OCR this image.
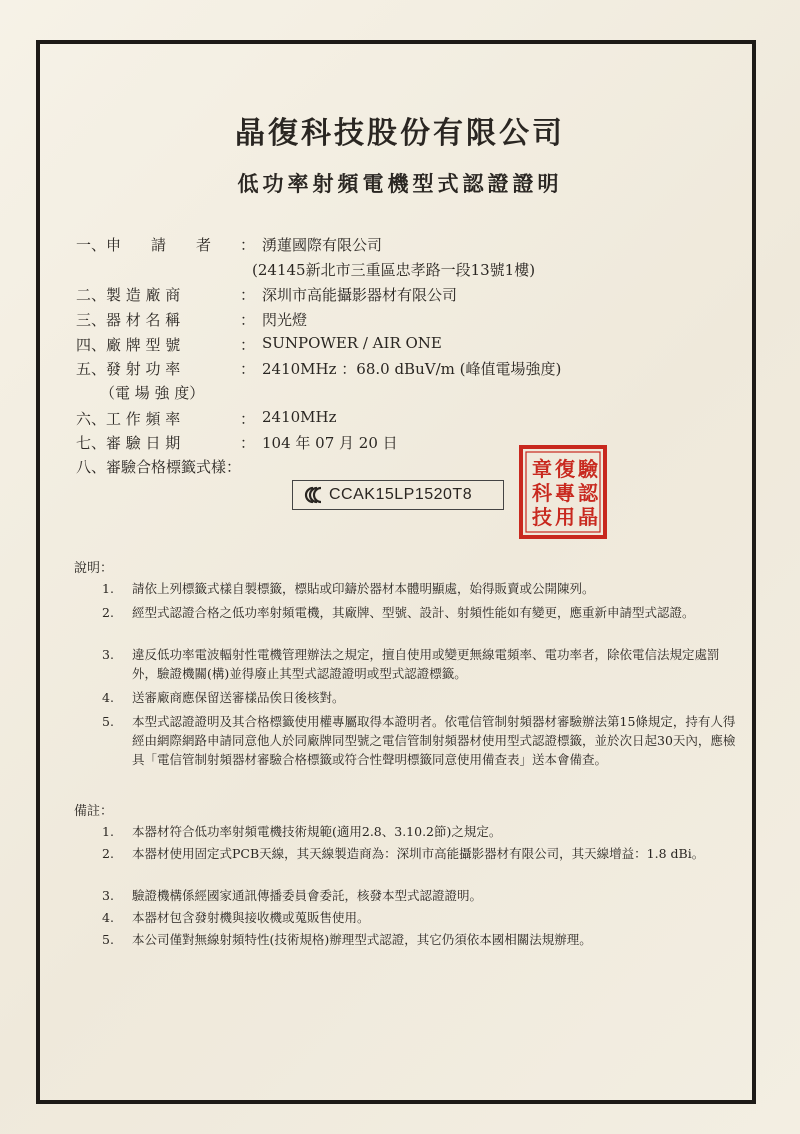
晶復科技股份有限公司
低功率射頻電機型式認證證明
一、申　　請　　者 ： 湧蓮國際有限公司
(24145新北市三重區忠孝路一段13號1樓)
二、製 造 廠 商	： 深圳市高能攝影器材有限公司
三、器 材 名 稱	： 閃光燈
四、廠 牌 型 號	： SUNPOWER / AIR ONE
五、發 射 功 率	： 2410MHz ：68.0 dBuV/m (峰值電場強度)
（電 場 強 度）
六、工 作 頻 率	： 2410MHz
七、審 驗 日 期	： 104 年 07 月 20 日
八、審驗合格標籤式樣：
CCAK15LP1520T8
驗
認
晶
復
專
用
章
科
技
說明：
1. 請依上列標籤式樣自製標籤，標貼或印鑄於器材本體明顯處，始得販賣或公開陳列。
2. 經型式認證合格之低功率射頻電機，其廠牌、型號、設計、射頻性能如有變更，應重新申請型式認證。
3. 違反低功率電波輻射性電機管理辦法之規定，擅自使用或變更無線電頻率、電功率者，除依電信法規定處罰外，驗證機關(構)並得廢止其型式認證證明或型式認證標籤。
4. 送審廠商應保留送審樣品俟日後核對。
5. 本型式認證證明及其合格標籤使用權專屬取得本證明者。依電信管制射頻器材審驗辦法第15條規定，持有人得經由網際網路申請同意他人於同廠牌同型號之電信管制射頻器材使用型式認證標籤，並於次日起30天內，應檢具「電信管制射頻器材審驗合格標籤或符合性聲明標籤同意使用備查表」送本會備查。
備註：
1. 本器材符合低功率射頻電機技術規範(適用2.8、3.10.2節)之規定。
2. 本器材使用固定式PCB天線，其天線製造商為：深圳市高能攝影器材有限公司，其天線增益：1.8 dBi。
3. 驗證機構係經國家通訊傳播委員會委託，核發本型式認證證明。
4. 本器材包含發射機與接收機或蒐販售使用。
5. 本公司僅對無線射頻特性(技術規格)辦理型式認證，其它仍須依本國相關法規辦理。
